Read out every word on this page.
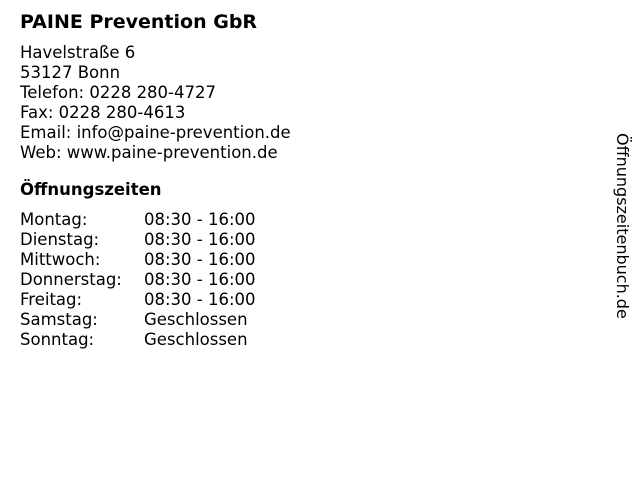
PAINE Prevention GbR
Havelstraße 6
53127 Bonn
Telefon: 0228 280-4727
Fax: 0228 280-4613
Email: info@paine-prevention.de
Web: www.paine-prevention.de
Öffnungszeiten
Montag:	08:30 - 16:00
Dienstag:	08:30 - 16:00
Mittwoch:	08:30 - 16:00
Donnerstag:	08:30 - 16:00
Freitag:	08:30 - 16:00
Samstag:	Geschlossen
Sonntag:	Geschlossen
Öffnungszeitenbuch.de
